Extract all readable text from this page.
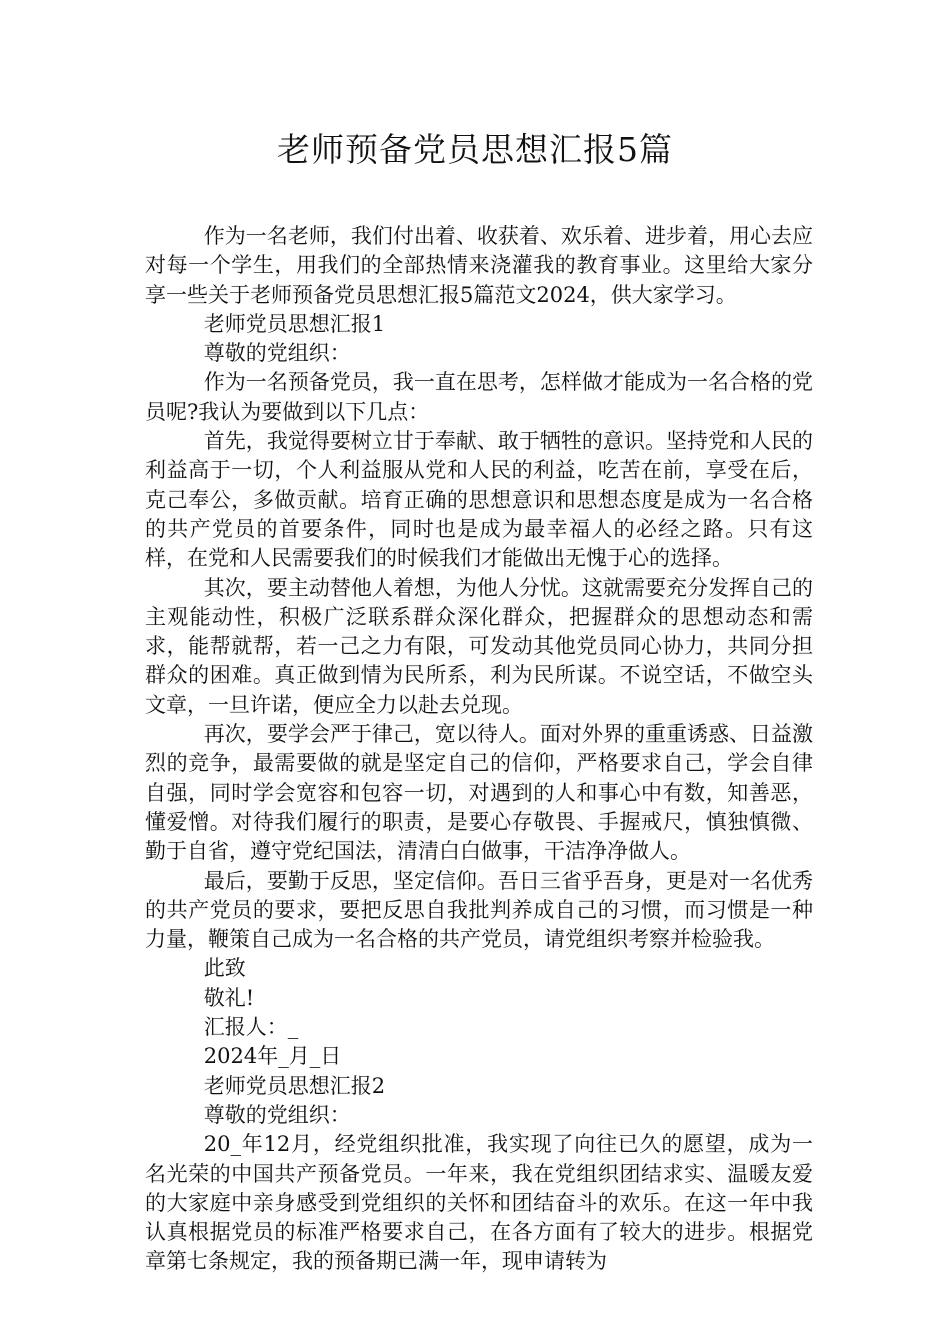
老师预备党员思想汇报5篇

作为一名老师，我们付出着、收获着、欢乐着、进步着，用心去应对每一个学生，用我们的全部热情来浇灌我的教育事业。这里给大家分享一些关于老师预备党员思想汇报5篇范文2024，供大家学习。

老师党员思想汇报1

尊敬的党组织：

作为一名预备党员，我一直在思考，怎样做才能成为一名合格的党员呢?我认为要做到以下几点：

首先，我觉得要树立甘于奉献、敢于牺牲的意识。坚持党和人民的利益高于一切，个人利益服从党和人民的利益，吃苦在前，享受在后，克己奉公，多做贡献。培育正确的思想意识和思想态度是成为一名合格的共产党员的首要条件，同时也是成为最幸福人的必经之路。只有这样，在党和人民需要我们的时候我们才能做出无愧于心的选择。

其次，要主动替他人着想，为他人分忧。这就需要充分发挥自己的主观能动性，积极广泛联系群众深化群众，把握群众的思想动态和需求，能帮就帮，若一己之力有限，可发动其他党员同心协力，共同分担群众的困难。真正做到情为民所系，利为民所谋。不说空话，不做空头文章，一旦许诺，便应全力以赴去兑现。

再次，要学会严于律己，宽以待人。面对外界的重重诱惑、日益激烈的竞争，最需要做的就是坚定自己的信仰，严格要求自己，学会自律自强，同时学会宽容和包容一切，对遇到的人和事心中有数，知善恶，懂爱憎。对待我们履行的职责，是要心存敬畏、手握戒尺，慎独慎微、勤于自省，遵守党纪国法，清清白白做事，干洁净净做人。

最后，要勤于反思，坚定信仰。吾日三省乎吾身，更是对一名优秀的共产党员的要求，要把反思自我批判养成自己的习惯，而习惯是一种力量，鞭策自己成为一名合格的共产党员，请党组织考察并检验我。

此致

敬礼!

汇报人：_

2024年_月_日

老师党员思想汇报2

尊敬的党组织：

20_年12月，经党组织批准，我实现了向往已久的愿望，成为一名光荣的中国共产预备党员。一年来，我在党组织团结求实、温暖友爱的大家庭中亲身感受到党组织的关怀和团结奋斗的欢乐。在这一年中我认真根据党员的标准严格要求自己，在各方面有了较大的进步。根据党章第七条规定，我的预备期已满一年，现申请转为
